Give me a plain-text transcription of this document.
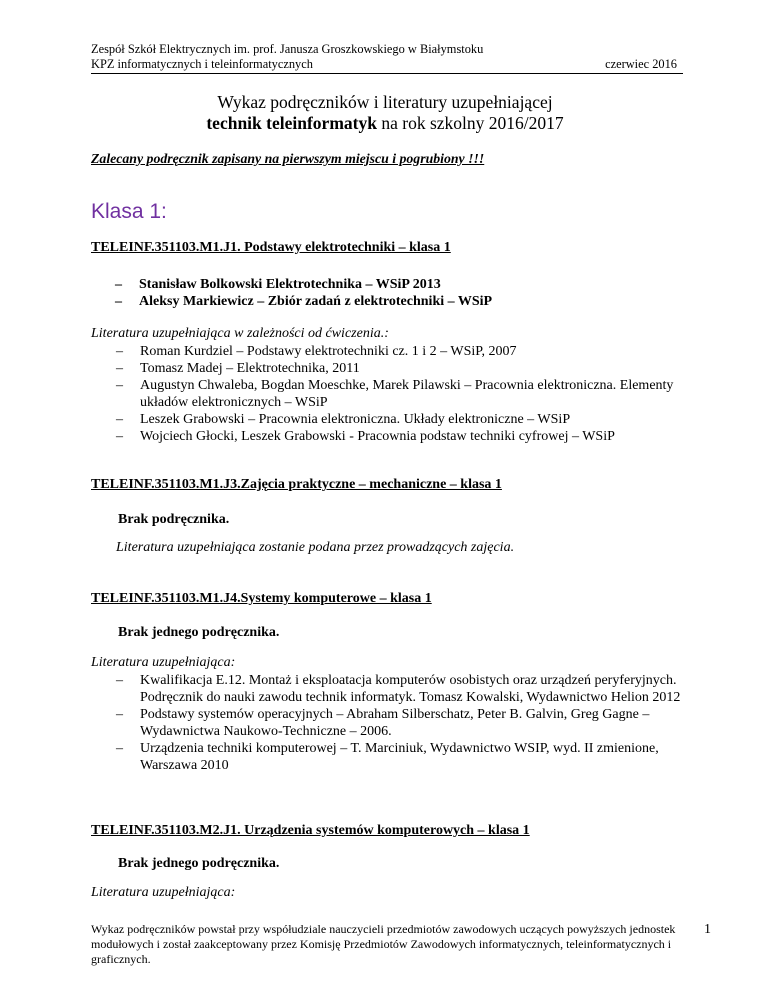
Zespół Szkół Elektrycznych im. prof. Janusza Groszkowskiego w Białymstoku
KPZ informatycznych i teleinformatycznych	czerwiec 2016
Wykaz podręczników i literatury uzupełniającej
technik teleinformatyk na rok szkolny 2016/2017
Zalecany podręcznik zapisany na pierwszym miejscu i pogrubiony !!!
Klasa 1:
TELEINF.351103.M1.J1. Podstawy elektrotechniki – klasa 1
– Stanisław Bolkowski Elektrotechnika – WSiP 2013
– Aleksy Markiewicz – Zbiór zadań z elektrotechniki – WSiP
Literatura uzupełniająca w zależności od ćwiczenia.:
– Roman Kurdziel – Podstawy elektrotechniki cz. 1 i 2 – WSiP, 2007
– Tomasz Madej – Elektrotechnika, 2011
– Augustyn Chwaleba, Bogdan Moeschke, Marek Pilawski – Pracownia elektroniczna. Elementy układów elektronicznych – WSiP
– Leszek Grabowski – Pracownia elektroniczna. Układy elektroniczne – WSiP
– Wojciech Głocki, Leszek Grabowski - Pracownia podstaw techniki cyfrowej – WSiP
TELEINF.351103.M1.J3.Zajęcia praktyczne – mechaniczne – klasa 1
Brak podręcznika.
Literatura uzupełniająca zostanie podana przez prowadzących zajęcia.
TELEINF.351103.M1.J4.Systemy komputerowe – klasa 1
Brak jednego podręcznika.
Literatura uzupełniająca:
– Kwalifikacja E.12. Montaż i eksploatacja komputerów osobistych oraz urządzeń peryferyjnych. Podręcznik do nauki zawodu technik informatyk. Tomasz Kowalski, Wydawnictwo Helion 2012
– Podstawy systemów operacyjnych – Abraham Silberschatz, Peter B. Galvin, Greg Gagne – Wydawnictwa Naukowo-Techniczne – 2006.
– Urządzenia techniki komputerowej – T. Marciniuk, Wydawnictwo WSIP, wyd. II zmienione, Warszawa 2010
TELEINF.351103.M2.J1. Urządzenia systemów komputerowych – klasa 1
Brak jednego podręcznika.
Literatura uzupełniająca:
Wykaz podręczników powstał przy współudziale nauczycieli przedmiotów zawodowych uczących powyższych jednostek modułowych i został zaakceptowany przez Komisję Przedmiotów Zawodowych informatycznych, teleinformatycznych i graficznych.
1
